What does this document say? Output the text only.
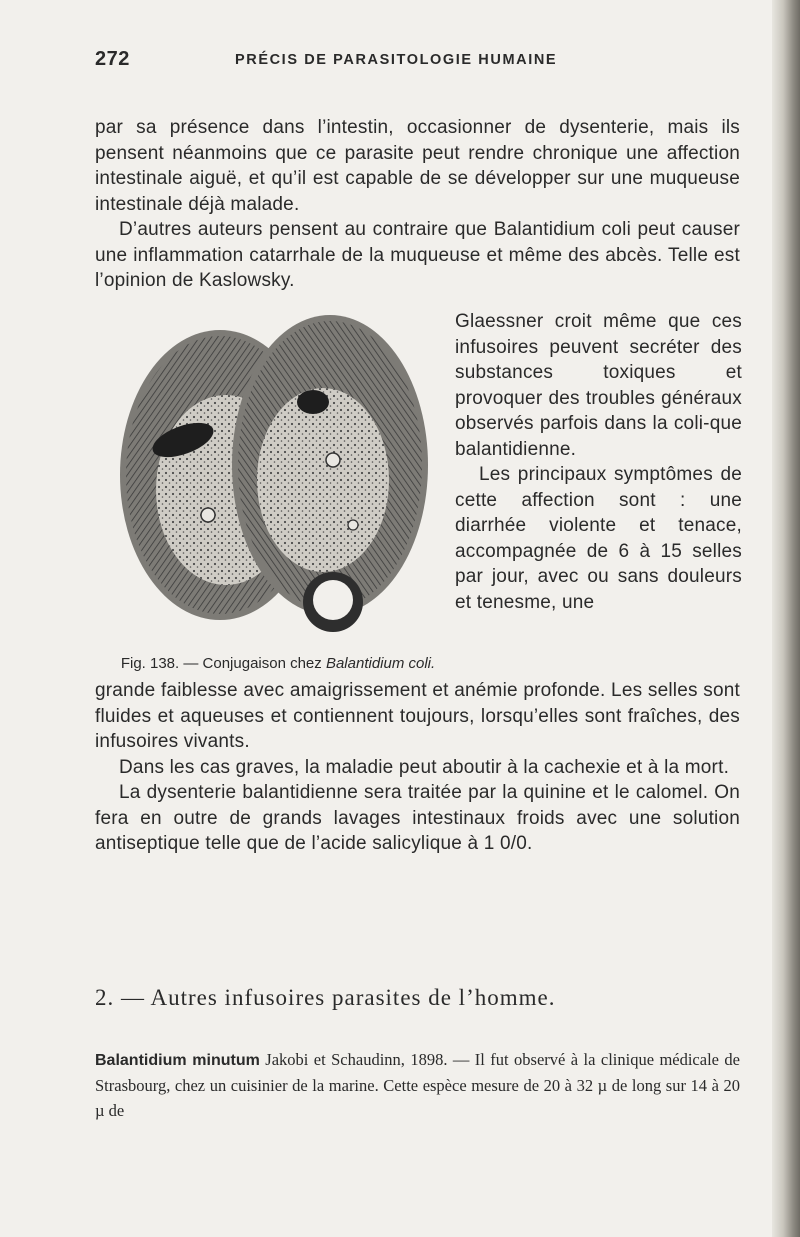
272	PRÉCIS DE PARASITOLOGIE HUMAINE

par sa présence dans l’intestin, occasionner de dysenterie, mais ils pensent néanmoins que ce parasite peut rendre chronique une affection intestinale aiguë, et qu’il est capable de se développer sur une muqueuse intestinale déjà malade.

D’autres auteurs pensent au contraire que Balantidium coli peut causer une inflammation catarrhale de la muqueuse et même des abcès. Telle est l’opinion de Kaslowsky.

Fig. 138. — Conjugaison chez Balantidium coli.

Glaessner croit même que ces infusoires peuvent secréter des substances toxiques et provoquer des troubles généraux observés parfois dans la coli-que balantidienne.

Les principaux symptômes de cette affection sont : une diarrhée violente et tenace, accompagnée de 6 à 15 selles par jour, avec ou sans douleurs et tenesme, une

grande faiblesse avec amaigrissement et anémie profonde. Les selles sont fluides et aqueuses et contiennent toujours, lorsqu’elles sont fraîches, des infusoires vivants.

Dans les cas graves, la maladie peut aboutir à la cachexie et à la mort.

La dysenterie balantidienne sera traitée par la quinine et le calomel. On fera en outre de grands lavages intestinaux froids avec une solution antiseptique telle que de l’acide salicylique à 1 0/0.

2. — Autres infusoires parasites de l’homme.
Balantidium minutum Jakobi et Schaudinn, 1898. — Il fut observé à la clinique médicale de Strasbourg, chez un cuisinier de la marine. Cette espèce mesure de 20 à 32 µ de long sur 14 à 20 µ de
